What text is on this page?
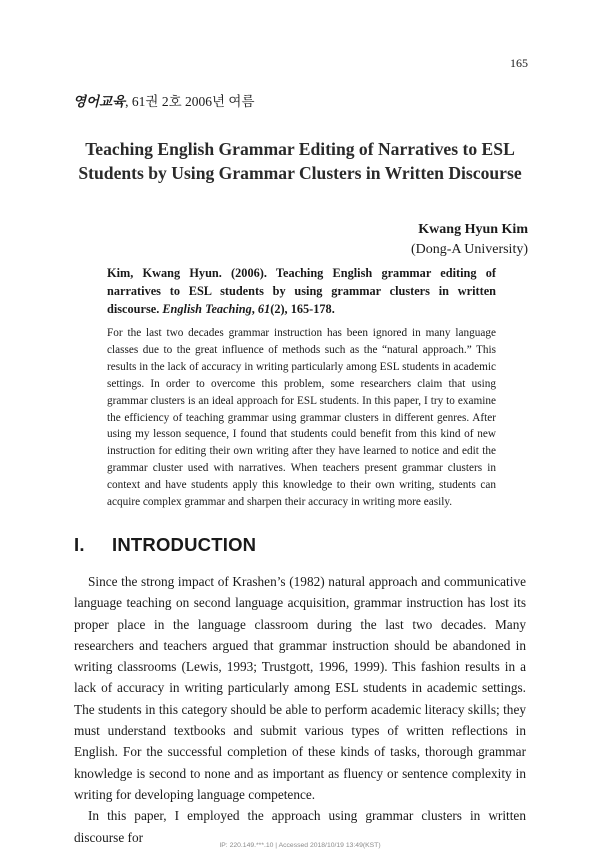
165
영어교육, 61권 2호 2006년 여름
Teaching English Grammar Editing of Narratives to ESL
Students by Using Grammar Clusters in Written Discourse
Kwang Hyun Kim
(Dong-A University)
Kim, Kwang Hyun. (2006). Teaching English grammar editing of narratives to ESL students by using grammar clusters in written discourse. English Teaching, 61(2), 165-178.
For the last two decades grammar instruction has been ignored in many language classes due to the great influence of methods such as the “natural approach.” This results in the lack of accuracy in writing particularly among ESL students in academic settings. In order to overcome this problem, some researchers claim that using grammar clusters is an ideal approach for ESL students. In this paper, I try to examine the efficiency of teaching grammar using grammar clusters in different genres. After using my lesson sequence, I found that students could benefit from this kind of new instruction for editing their own writing after they have learned to notice and edit the grammar cluster used with narratives. When teachers present grammar clusters in context and have students apply this knowledge to their own writing, students can acquire complex grammar and sharpen their accuracy in writing more easily.
I. INTRODUCTION

Since the strong impact of Krashen’s (1982) natural approach and communicative language teaching on second language acquisition, grammar instruction has lost its proper place in the language classroom during the last two decades. Many researchers and teachers argued that grammar instruction should be abandoned in writing classrooms (Lewis, 1993; Trustgott, 1996, 1999). This fashion results in a lack of accuracy in writing particularly among ESL students in academic settings. The students in this category should be able to perform academic literacy skills; they must understand textbooks and submit various types of written reflections in English. For the successful completion of these kinds of tasks, thorough grammar knowledge is second to none and as important as fluency or sentence complexity in writing for developing language competence.

In this paper, I employed the approach using grammar clusters in written discourse for

IP: 220.149.***.10 | Accessed 2018/10/19 13:49(KST)
